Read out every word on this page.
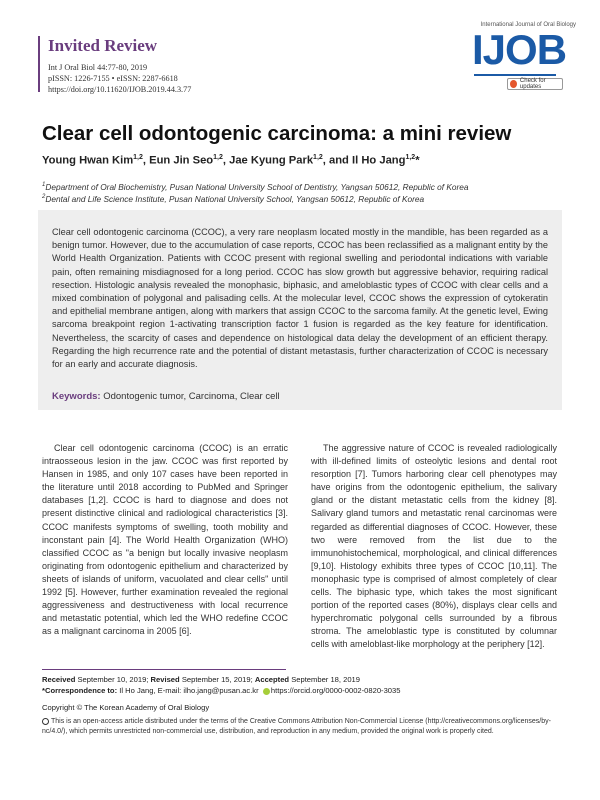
Invited Review
Int J Oral Biol 44:77-80, 2019
pISSN: 1226-7155 • eISSN: 2287-6618
https://doi.org/10.11620/IJOB.2019.44.3.77
International Journal of Oral Biology
IJOB
Check for updates
Clear cell odontogenic carcinoma: a mini review
Young Hwan Kim$^{1,2}$, Eun Jin Seo$^{1,2}$, Jae Kyung Park$^{1,2}$, and Il Ho Jang$^{1,2}$*
$^1$Department of Oral Biochemistry, Pusan National University School of Dentistry, Yangsan 50612, Republic of Korea
$^2$Dental and Life Science Institute, Pusan National University School, Yangsan 50612, Republic of Korea
Clear cell odontogenic carcinoma (CCOC), a very rare neoplasm located mostly in the mandible, has been regarded as a benign tumor. However, due to the accumulation of case reports, CCOC has been reclassified as a malignant entity by the World Health Organization. Patients with CCOC present with regional swelling and periodontal indications with variable pain, often remaining misdiagnosed for a long period. CCOC has slow growth but aggressive behavior, requiring radical resection. Histologic analysis revealed the monophasic, biphasic, and ameloblastic types of CCOC with clear cells and a mixed combination of polygonal and palisading cells. At the molecular level, CCOC shows the expression of cytokeratin and epithelial membrane antigen, along with markers that assign CCOC to the sarcoma family. At the genetic level, Ewing sarcoma breakpoint region 1-activating transcription factor 1 fusion is regarded as the key feature for identification. Nevertheless, the scarcity of cases and dependence on histological data delay the development of an efficient therapy. Regarding the high recurrence rate and the potential of distant metastasis, further characterization of CCOC is necessary for an early and accurate diagnosis.
Keywords: Odontogenic tumor, Carcinoma, Clear cell

Clear cell odontogenic carcinoma (CCOC) is an erratic intraosseous lesion in the jaw. CCOC was first reported by Hansen in 1985, and only 107 cases have been reported in the literature until 2018 according to PubMed and Springer databases [1,2]. CCOC is hard to diagnose and does not present distinctive clinical and radiological characteristics [3]. CCOC manifests symptoms of swelling, tooth mobility and inconstant pain [4]. The World Health Organization (WHO) classified CCOC as "a benign but locally invasive neoplasm originating from odontogenic epithelium and characterized by sheets of islands of uniform, vacuolated and clear cells" until 1992 [5]. However, further examination revealed the regional aggressiveness and destructiveness with local recurrence and metastatic potential, which led the WHO redefine CCOC as a malignant carcinoma in 2005 [6].

The aggressive nature of CCOC is revealed radiologically with ill-defined limits of osteolytic lesions and dental root resorption [7]. Tumors harboring clear cell phenotypes may have origins from the odontogenic epithelium, the salivary gland or the distant metastatic cells from the kidney [8]. Salivary gland tumors and metastatic renal carcinomas were regarded as differential diagnoses of CCOC. However, these two were removed from the list due to the immunohistochemical, morphological, and clinical differences [9,10]. Histology exhibits three types of CCOC [10,11]. The monophasic type is comprised of almost completely of clear cells. The biphasic type, which takes the most significant portion of the reported cases (80%), displays clear cells and hyperchromatic polygonal cells surrounded by a fibrous stroma. The ameloblastic type is constituted by columnar cells with ameloblast-like morphology at the periphery [12].

Received September 10, 2019; Revised September 15, 2019; Accepted September 18, 2019
*Correspondence to: Il Ho Jang, E-mail: ilho.jang@pusan.ac.kr https://orcid.org/0000-0002-0820-3035
Copyright © The Korean Academy of Oral Biology
This is an open-access article distributed under the terms of the Creative Commons Attribution Non-Commercial License (http://creativecommons.org/licenses/by-nc/4.0/), which permits unrestricted non-commercial use, distribution, and reproduction in any medium, provided the original work is properly cited.
